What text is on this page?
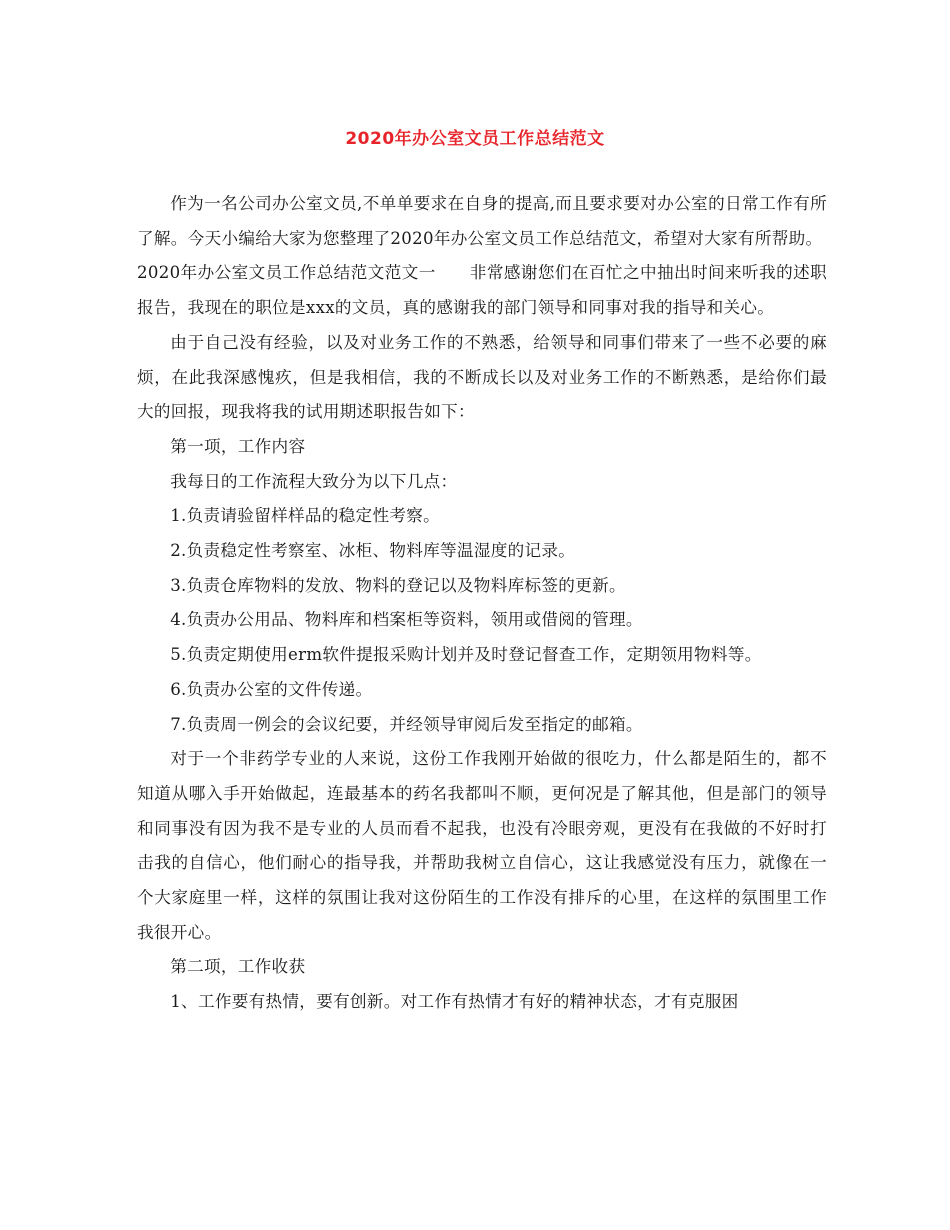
2020年办公室文员工作总结范文

作为一名公司办公室文员,不单单要求在自身的提高,而且要求要对办公室的日常工作有所了解。今天小编给大家为您整理了2020年办公室文员工作总结范文，希望对大家有所帮助。

2020年办公室文员工作总结范文范文一　　非常感谢您们在百忙之中抽出时间来听我的述职报告，我现在的职位是xxx的文员，真的感谢我的部门领导和同事对我的指导和关心。

由于自己没有经验，以及对业务工作的不熟悉，给领导和同事们带来了一些不必要的麻烦，在此我深感愧疚，但是我相信，我的不断成长以及对业务工作的不断熟悉，是给你们最大的回报，现我将我的试用期述职报告如下：

第一项，工作内容

我每日的工作流程大致分为以下几点：

1.负责请验留样样品的稳定性考察。

2.负责稳定性考察室、冰柜、物料库等温湿度的记录。

3.负责仓库物料的发放、物料的登记以及物料库标签的更新。

4.负责办公用品、物料库和档案柜等资料，领用或借阅的管理。

5.负责定期使用erm软件提报采购计划并及时登记督查工作，定期领用物料等。

6.负责办公室的文件传递。

7.负责周一例会的会议纪要，并经领导审阅后发至指定的邮箱。

对于一个非药学专业的人来说，这份工作我刚开始做的很吃力，什么都是陌生的，都不知道从哪入手开始做起，连最基本的药名我都叫不顺，更何况是了解其他，但是部门的领导和同事没有因为我不是专业的人员而看不起我，也没有冷眼旁观，更没有在我做的不好时打击我的自信心，他们耐心的指导我，并帮助我树立自信心，这让我感觉没有压力，就像在一个大家庭里一样，这样的氛围让我对这份陌生的工作没有排斥的心里，在这样的氛围里工作我很开心。

第二项，工作收获

1、工作要有热情，要有创新。对工作有热情才有好的精神状态，才有克服困
